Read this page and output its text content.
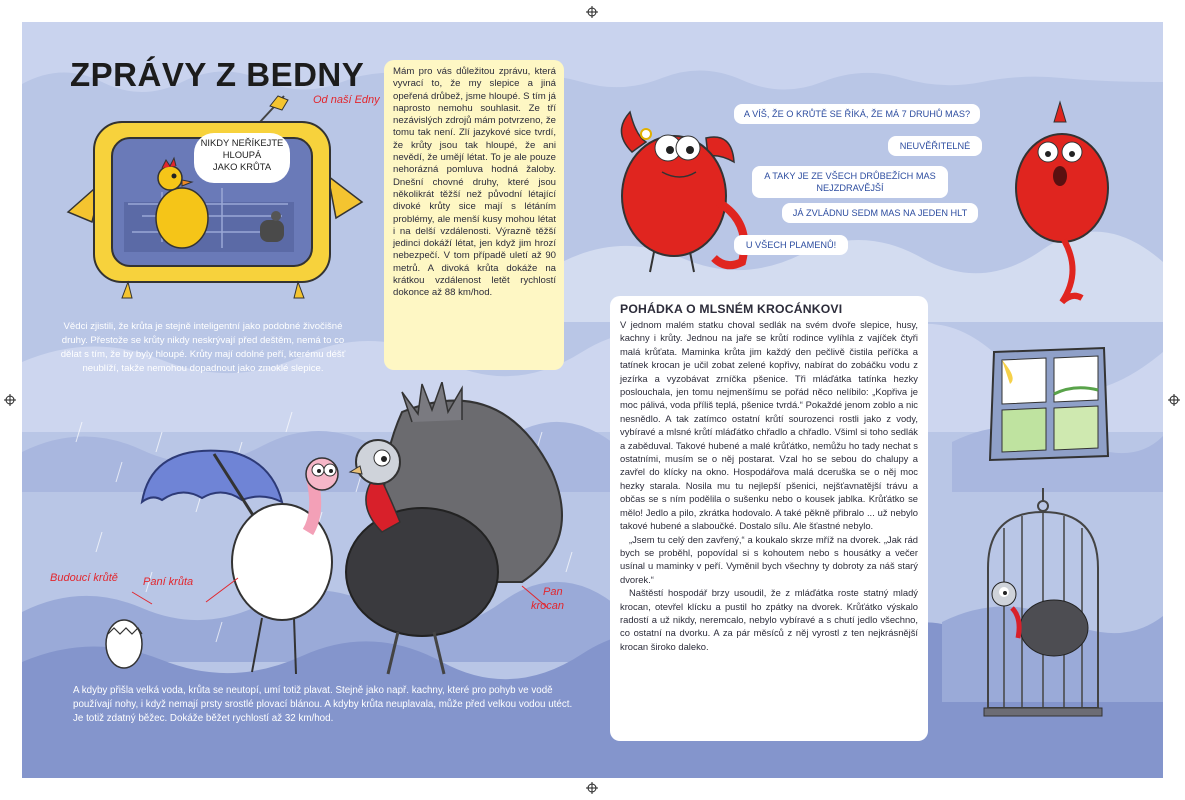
ZPRÁVY Z BEDNY
Od naší Edny
NIKDY NEŘÍKEJTE
HLOUPÁ
JAKO KRŮTA
Mám pro vás důležitou zprávu, která vyvrací to, že my slepice a jiná opeřená drůbež, jsme hloupé. S tím já naprosto nemohu souhlasit. Ze tří nezávislých zdrojů mám potvrzeno, že tomu tak není. Zlí jazykové sice tvrdí, že krůty jsou tak hloupé, že ani nevědí, že umějí létat. To je ale pouze nehorázná pomluva hodná žaloby. Dnešní chovné druhy, které jsou několikrát těžší než původní létající divoké krůty sice mají s létáním problémy, ale menší kusy mohou létat i na delší vzdálenosti. Výrazně těžší jedinci dokáží létat, jen když jim hrozí nebezpečí. V tom případě uletí až 90 metrů. A divoká krůta dokáže na krátkou vzdálenost letět rychlostí dokonce až 88 km/hod.
Vědci zjistili, že krůta je stejně inteligentní jako podobné živočišné druhy. Přestože se krůty nikdy neskrývají před deštěm, nemá to co dělat s tím, že by byly hloupé. Krůty mají odolné peří, kterému déšť neublíží, takže nemohou dopadnout jako zmoklé slepice.
Budoucí krůtě Paní krůta
Pan
krocan
A kdyby přišla velká voda, krůta se neutopí, umí totiž plavat. Stejně jako např. kachny, které pro pohyb ve vodě používají nohy, i když nemají prsty srostlé plovací blánou. A kdyby krůta neuplavala, může před velkou vodou utéct. Je totiž zdatný běžec. Dokáže běžet rychlostí až 32 km/hod.
A VÍŠ, ŽE O KRŮTĚ SE ŘÍKÁ, ŽE MÁ 7 DRUHŮ MAS?
NEUVĚŘITELNÉ
A TAKY JE ZE VŠECH DRŮBEŽÍCH MAS NEJZDRAVĚJŠÍ
JÁ ZVLÁDNU SEDM MAS NA JEDEN HLT
U VŠECH PLAMENŮ!
POHÁDKA O MLSNÉM KROCÁNKOVI

V jednom malém statku choval sedlák na svém dvoře slepice, husy, kachny i krůty. Jednou na jaře se krůtí rodince vylíhla z vajíček čtyři malá krůťata. Maminka krůta jim každý den pečlivě čistila peříčka a tatínek krocan je učil zobat zelené kopřivy, nabírat do zobáčku vodu z jezírka a vyzobávat zrníčka pšenice. Tři mláďátka tatínka hezky poslouchala, jen tomu nejmenšímu se pořád něco nelíbilo: „Kopřiva je moc pálivá, voda příliš teplá, pšenice tvrdá.“ Pokaždé jenom zoblo a nic nesnědlo. A tak zatímco ostatní krůtí sourozenci rostli jako z vody, vybíravé a mlsné krůtí mláďátko chřadlo a chřadlo. Všiml si toho sedlák a zaběduval. Takové hubené a malé krůťátko, nemůžu ho tady nechat s ostatními, musím se o něj postarat. Vzal ho se sebou do chalupy a zavřel do klícky na okno. Hospodářova malá dceruška se o něj moc hezky starala. Nosila mu tu nejlepší pšenici, nejšťavnatější trávu a občas se s ním podělila o sušenku nebo o kousek jablka. Krůťátko se mělo! Jedlo a pilo, zkrátka hodovalo. A také pěkně přibralo ... už nebylo takové hubené a slaboučké. Dostalo sílu. Ale šťastné nebylo.

„Jsem tu celý den zavřený,“ a koukalo skrze mříž na dvorek. „Jak rád bych se proběhl, popovídal si s kohoutem nebo s housátky a večer usínal u maminky v peří. Vyměnil bych všechny ty dobroty za náš starý dvorek.“

Naštěstí hospodář brzy usoudil, že z mláďátka roste statný mladý krocan, otevřel klícku a pustil ho zpátky na dvorek. Krůťátko výskalo radostí a už nikdy, neremcalo, nebylo vybíravé a s chutí jedlo všechno, co ostatní na dvorku. A za pár měsíců z něj vyrostl z ten nejkrásnější krocan široko daleko.
